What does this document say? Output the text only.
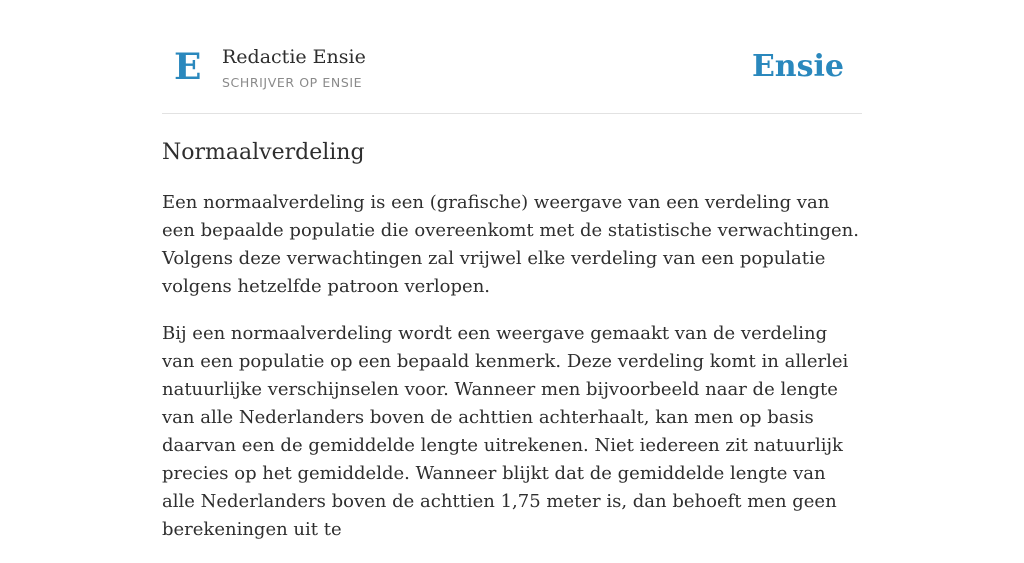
E Redactie Ensie
SCHRIJVER OP ENSIE	Ensie
Normaalverdeling

Een normaalverdeling is een (grafische) weergave van een verdeling van een bepaalde populatie die overeenkomt met de statistische verwachtingen. Volgens deze verwachtingen zal vrijwel elke verdeling van een populatie volgens hetzelfde patroon verlopen.

Bij een normaalverdeling wordt een weergave gemaakt van de verdeling van een populatie op een bepaald kenmerk. Deze verdeling komt in allerlei natuurlijke verschijnselen voor. Wanneer men bijvoorbeeld naar de lengte van alle Nederlanders boven de achttien achterhaalt, kan men op basis daarvan een de gemiddelde lengte uitrekenen. Niet iedereen zit natuurlijk precies op het gemiddelde. Wanneer blijkt dat de gemiddelde lengte van alle Nederlanders boven de achttien 1,75 meter is, dan behoeft men geen berekeningen uit te
